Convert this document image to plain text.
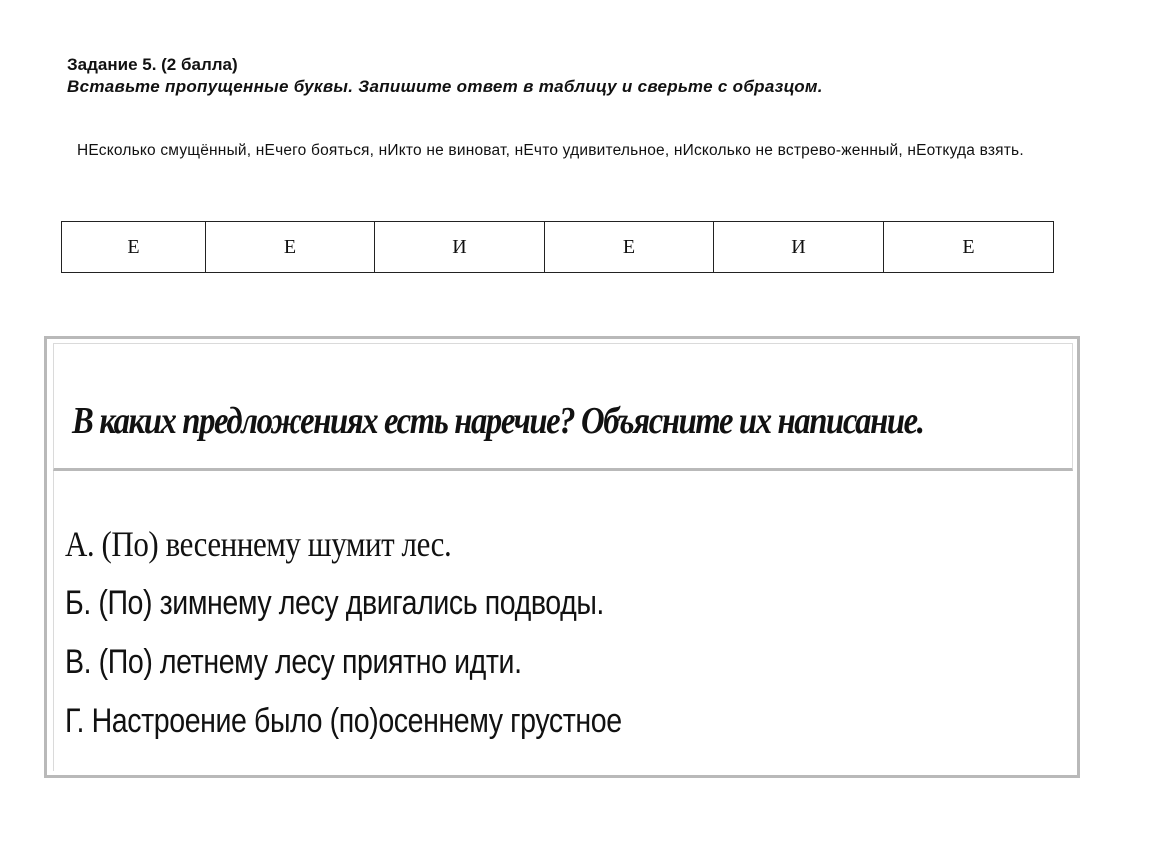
Задание 5. (2 балла)

Вставьте пропущенные буквы. Запишите ответ в таблицу и сверьте с образцом.

НЕсколько смущённый, нЕчего бояться, нИкто не виноват, нЕчто удивительное, нИсколько не встрево-женный, нЕоткуда взять.

Е	Е	И	Е	И	Е

В каких предложениях есть наречие? Объясните их написание.

А. (По) весеннему шумит лес.
Б. (По) зимнему лесу двигались подводы.
В. (По) летнему лесу приятно идти.
Г. Настроение было (по)осеннему грустное
